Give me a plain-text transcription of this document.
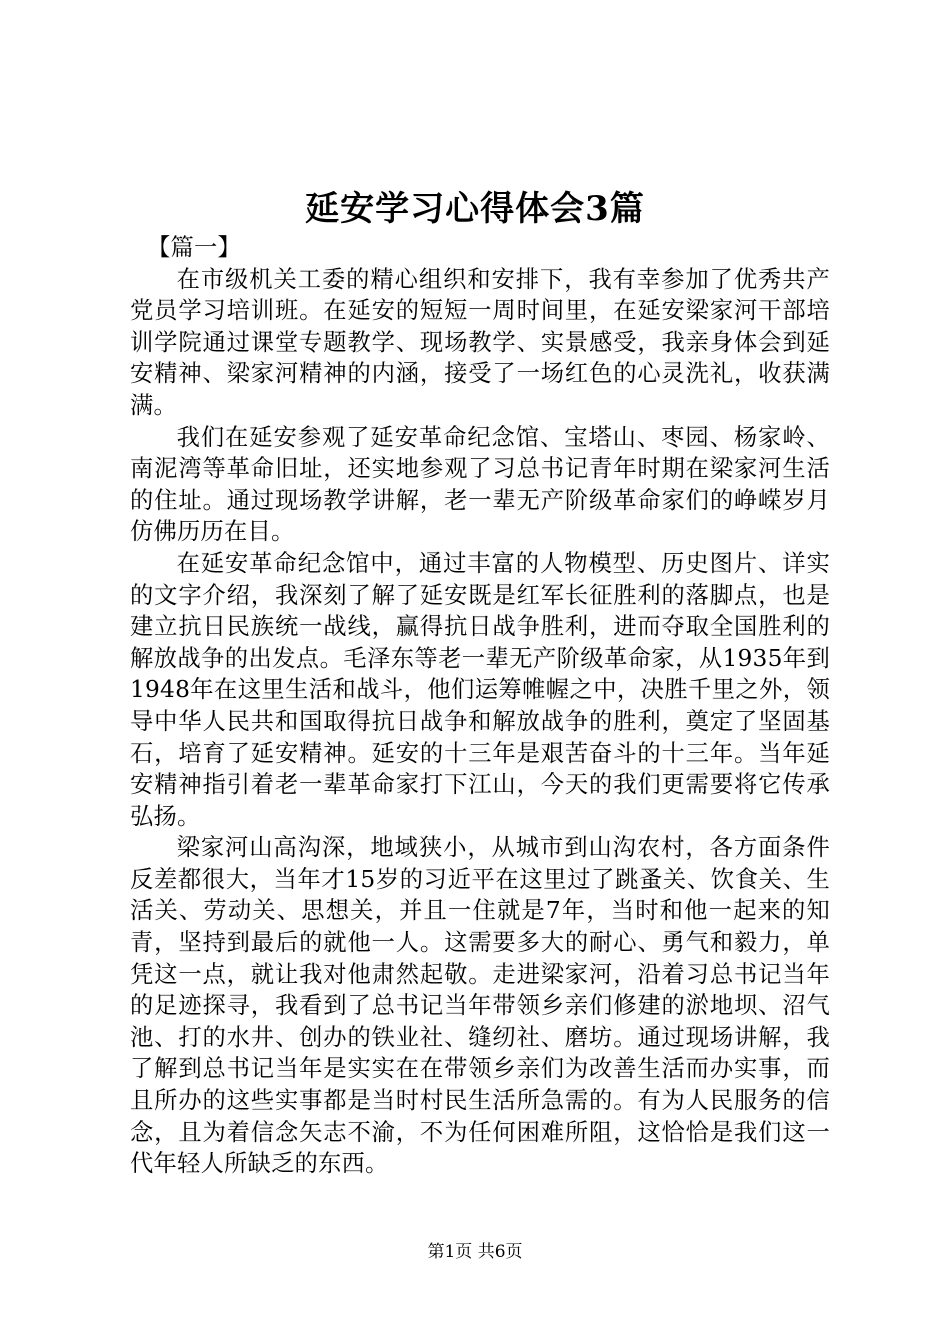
延安学习心得体会3篇

【篇一】

在市级机关工委的精心组织和安排下，我有幸参加了优秀共产党员学习培训班。在延安的短短一周时间里，在延安梁家河干部培训学院通过课堂专题教学、现场教学、实景感受，我亲身体会到延安精神、梁家河精神的内涵，接受了一场红色的心灵洗礼，收获满满。

我们在延安参观了延安革命纪念馆、宝塔山、枣园、杨家岭、南泥湾等革命旧址，还实地参观了习总书记青年时期在梁家河生活的住址。通过现场教学讲解，老一辈无产阶级革命家们的峥嵘岁月仿佛历历在目。

在延安革命纪念馆中，通过丰富的人物模型、历史图片、详实的文字介绍，我深刻了解了延安既是红军长征胜利的落脚点，也是建立抗日民族统一战线，赢得抗日战争胜利，进而夺取全国胜利的解放战争的出发点。毛泽东等老一辈无产阶级革命家，从1935年到1948年在这里生活和战斗，他们运筹帷幄之中，决胜千里之外，领导中华人民共和国取得抗日战争和解放战争的胜利，奠定了坚固基石，培育了延安精神。延安的十三年是艰苦奋斗的十三年。当年延安精神指引着老一辈革命家打下江山，今天的我们更需要将它传承弘扬。

梁家河山高沟深，地域狭小，从城市到山沟农村，各方面条件反差都很大，当年才15岁的习近平在这里过了跳蚤关、饮食关、生活关、劳动关、思想关，并且一住就是7年，当时和他一起来的知青，坚持到最后的就他一人。这需要多大的耐心、勇气和毅力，单凭这一点，就让我对他肃然起敬。走进梁家河，沿着习总书记当年的足迹探寻，我看到了总书记当年带领乡亲们修建的淤地坝、沼气池、打的水井、创办的铁业社、缝纫社、磨坊。通过现场讲解，我了解到总书记当年是实实在在带领乡亲们为改善生活而办实事，而且所办的这些实事都是当时村民生活所急需的。有为人民服务的信念，且为着信念矢志不渝，不为任何困难所阻，这恰恰是我们这一代年轻人所缺乏的东西。

第1页 共6页
